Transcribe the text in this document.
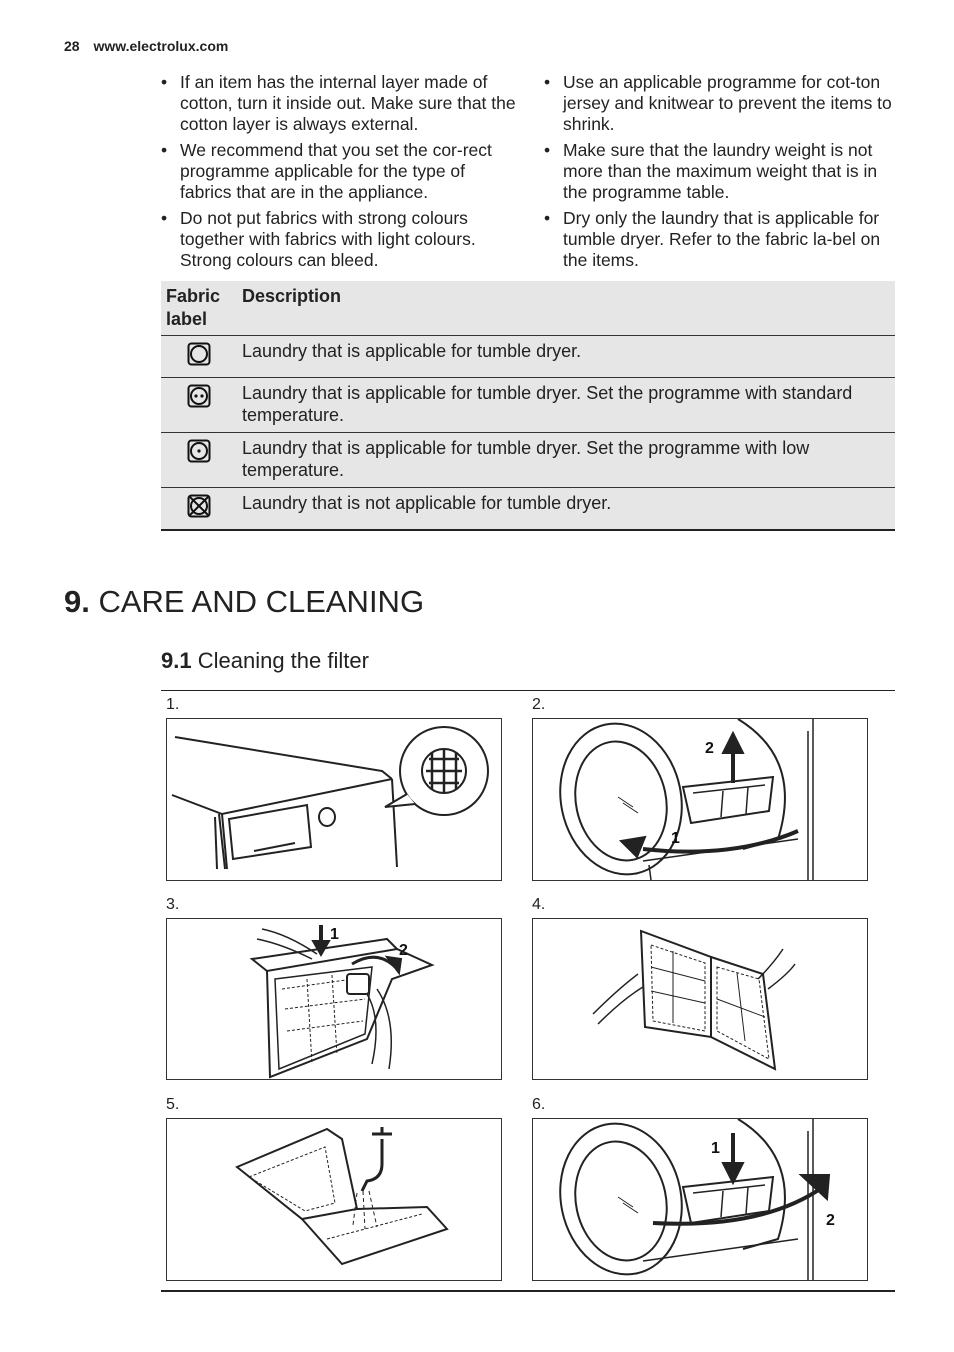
28 www.electrolux.com
• If an item has the internal layer made of cotton, turn it inside out. Make sure that the cotton layer is always external.
• We recommend that you set the cor-rect programme applicable for the type of fabrics that are in the appliance.
• Do not put fabrics with strong colours together with fabrics with light colours. Strong colours can bleed.
• Use an applicable programme for cot-ton jersey and knitwear to prevent the items to shrink.
• Make sure that the laundry weight is not more than the maximum weight that is in the programme table.
• Dry only the laundry that is applicable for tumble dryer. Refer to the fabric la-bel on the items.
Fabric label	Description
	Laundry that is applicable for tumble dryer.
	Laundry that is applicable for tumble dryer. Set the programme with standard temperature.
	Laundry that is applicable for tumble dryer. Set the programme with low temperature.
	Laundry that is not applicable for tumble dryer.
9. CARE AND CLEANING
9.1 Cleaning the filter
1.	2.
2
1
3.
1
2
4.
5.	6.
1
2
